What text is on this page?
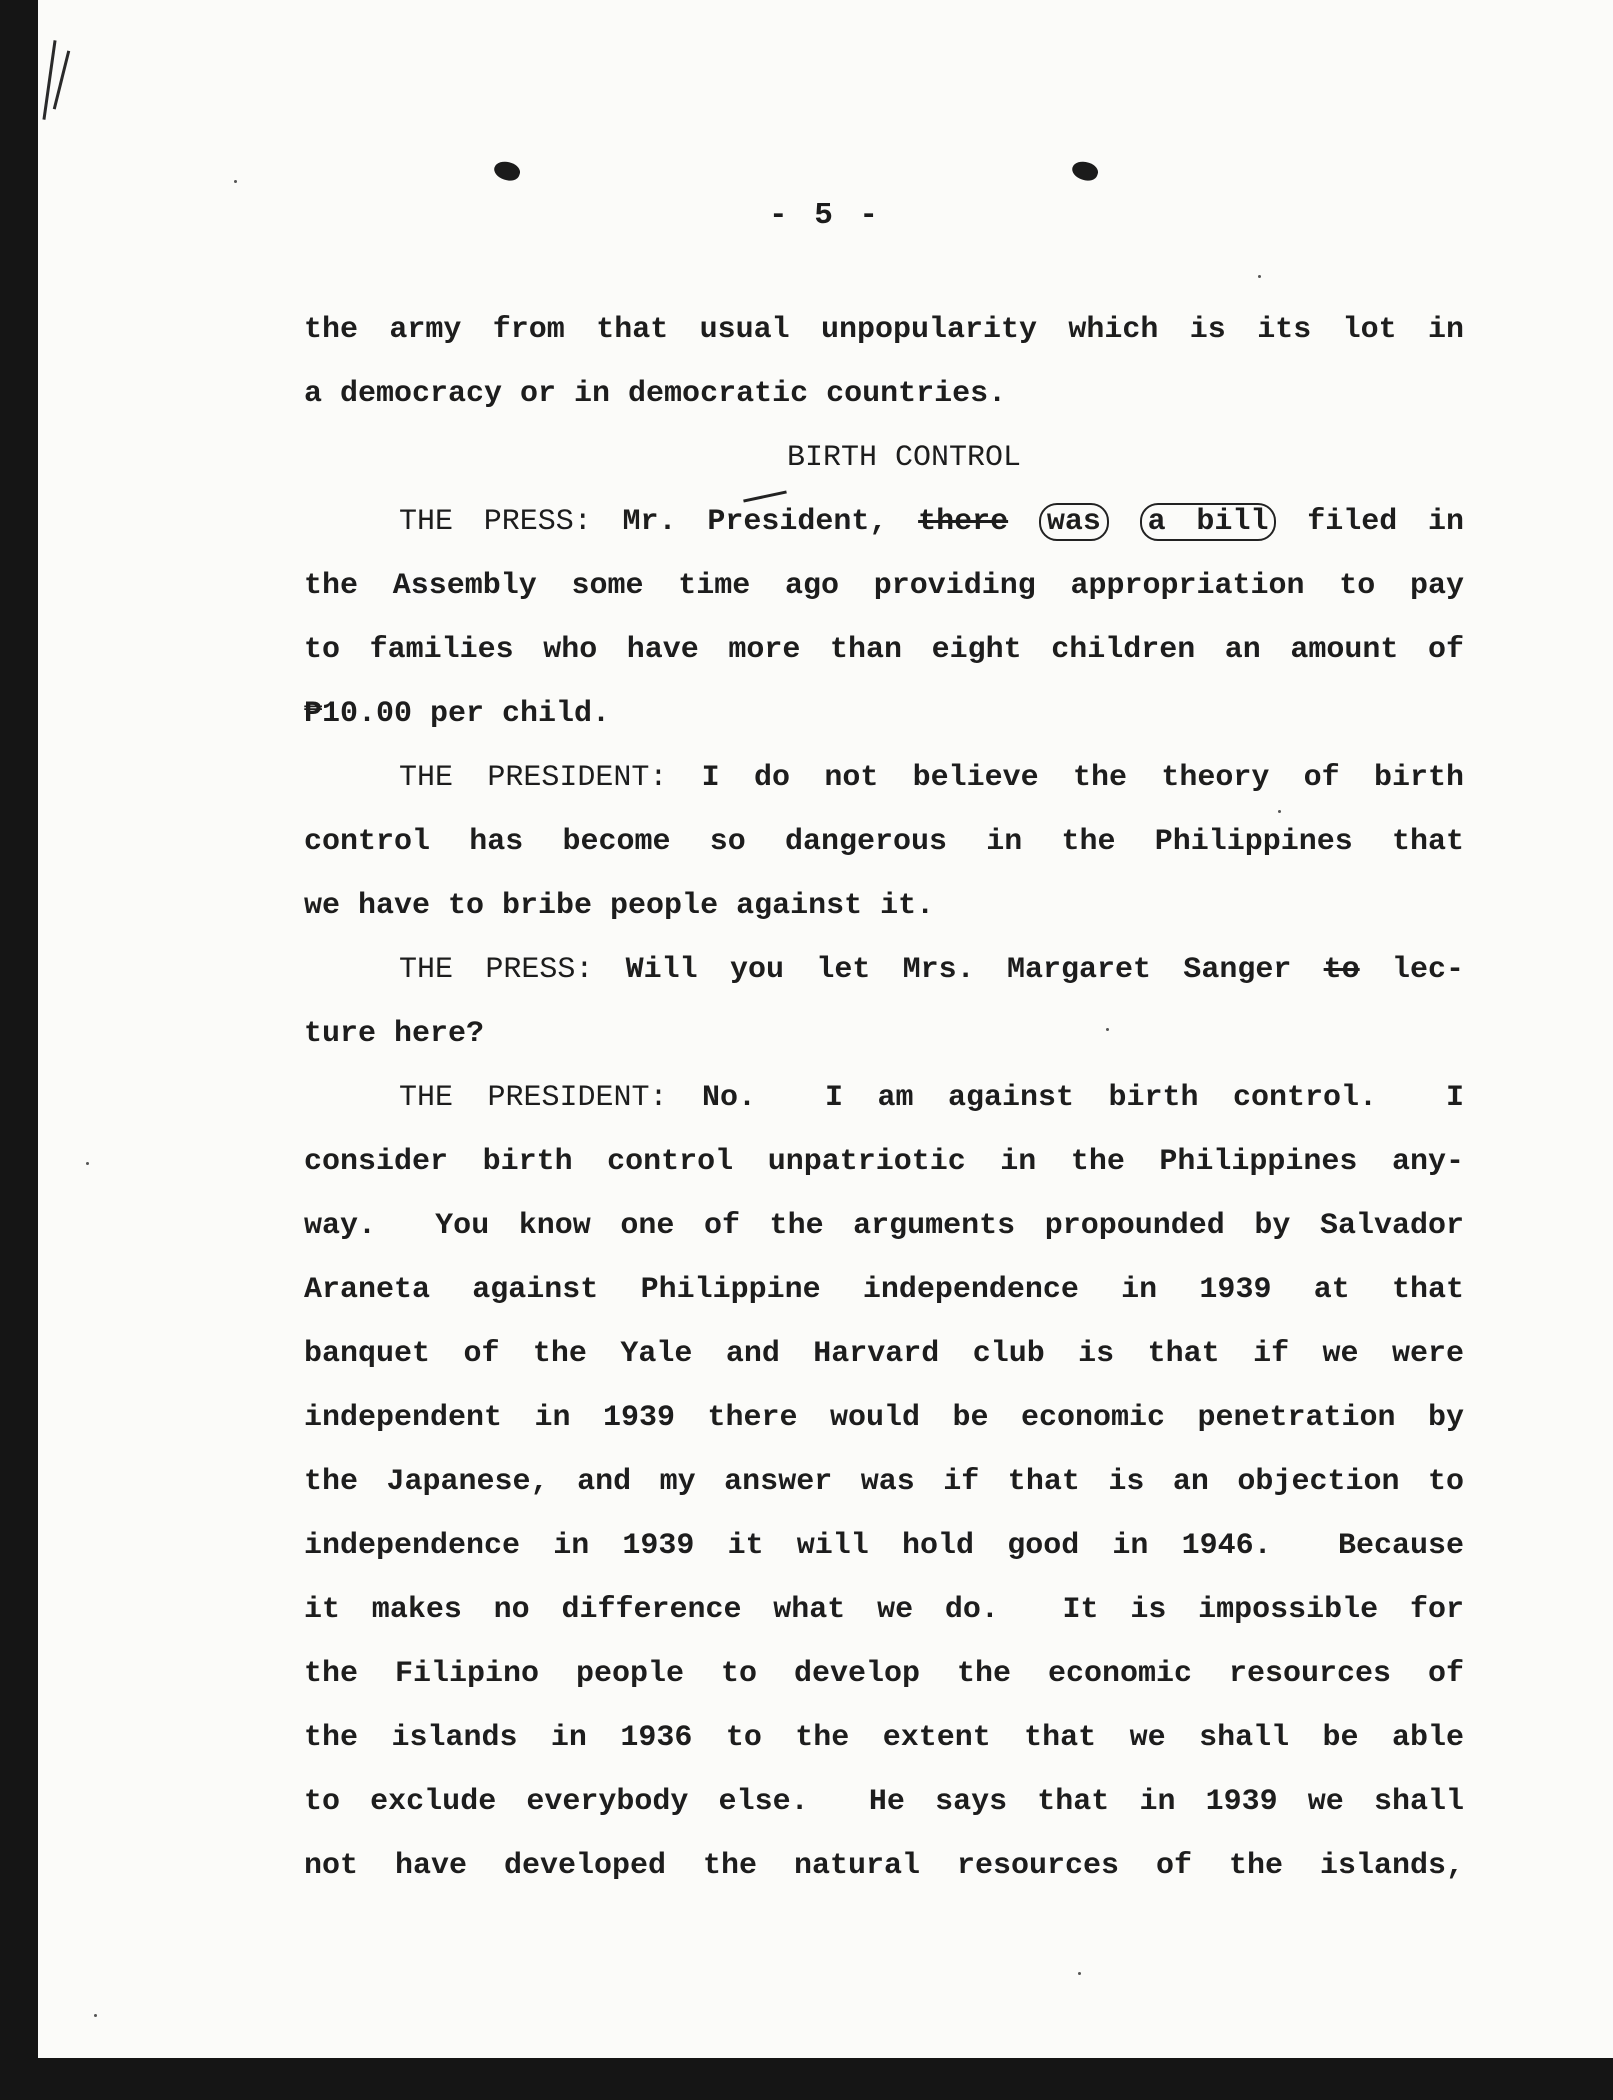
- 5 -
the army from that usual unpopularity which is its lot in
a democracy or in democratic countries.
BIRTH CONTROL
THE PRESS: Mr. President, there was a bill filed in
the Assembly some time ago providing appropriation to pay
to families who have more than eight children an amount of
₱10.00 per child.
THE PRESIDENT: I do not believe the theory of birth
control has become so dangerous in the Philippines that
we have to bribe people against it.
THE PRESS: Will you let Mrs. Margaret Sanger to lec-
ture here?
THE PRESIDENT: No.  I am against birth control.  I
consider birth control unpatriotic in the Philippines any-
way.  You know one of the arguments propounded by Salvador
Araneta against Philippine independence in 1939 at that
banquet of the Yale and Harvard club is that if we were
independent in 1939 there would be economic penetration by
the Japanese, and my answer was if that is an objection to
independence in 1939 it will hold good in 1946.  Because
it makes no difference what we do.  It is impossible for
the Filipino people to develop the economic resources of
the islands in 1936 to the extent that we shall be able
to exclude everybody else.  He says that in 1939 we shall
not have developed the natural resources of the islands,
